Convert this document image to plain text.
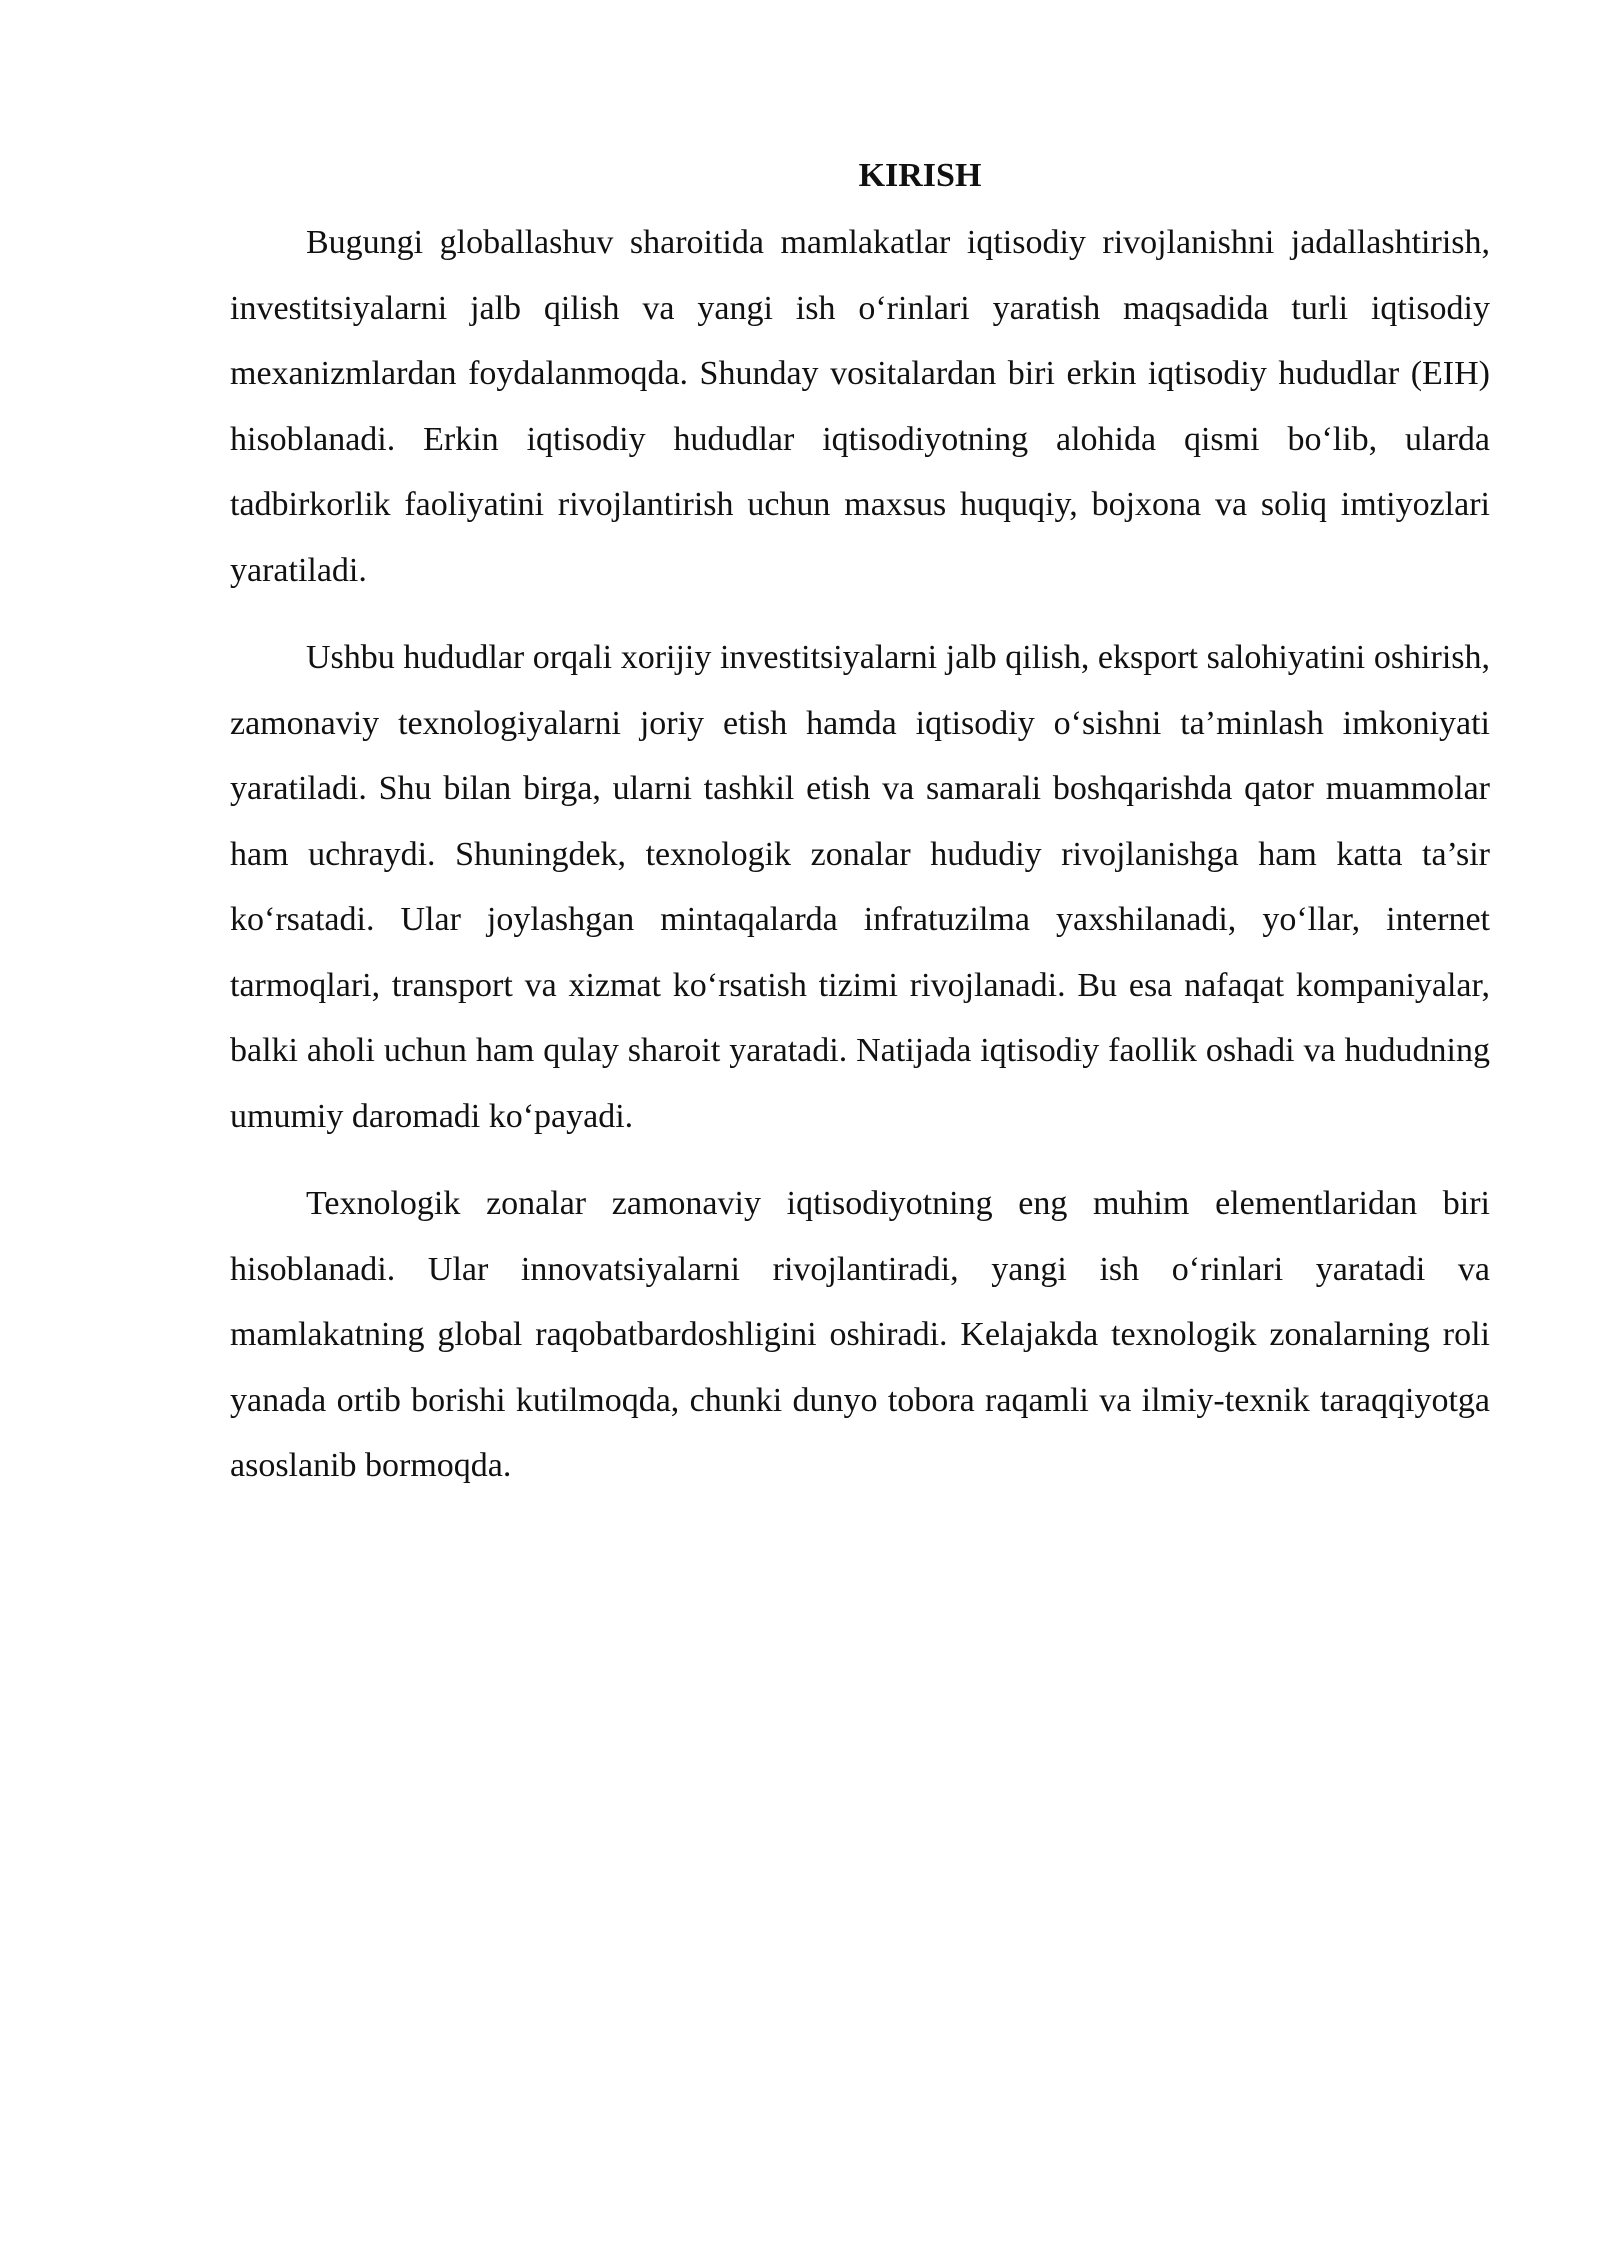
KIRISH

Bugungi globallashuv sharoitida mamlakatlar iqtisodiy rivojlanishni jadallashtirish, investitsiyalarni jalb qilish va yangi ish o‘rinlari yaratish maqsadida turli iqtisodiy mexanizmlardan foydalanmoqda. Shunday vositalardan biri erkin iqtisodiy hududlar (EIH) hisoblanadi. Erkin iqtisodiy hududlar iqtisodiyotning alohida qismi bo‘lib, ularda tadbirkorlik faoliyatini rivojlantirish uchun maxsus huquqiy, bojxona va soliq imtiyozlari yaratiladi.

Ushbu hududlar orqali xorijiy investitsiyalarni jalb qilish, eksport salohiyatini oshirish, zamonaviy texnologiyalarni joriy etish hamda iqtisodiy o‘sishni ta’minlash imkoniyati yaratiladi. Shu bilan birga, ularni tashkil etish va samarali boshqarishda qator muammolar ham uchraydi. Shuningdek, texnologik zonalar hududiy rivojlanishga ham katta ta’sir ko‘rsatadi. Ular joylashgan mintaqalarda infratuzilma yaxshilanadi, yo‘llar, internet tarmoqlari, transport va xizmat ko‘rsatish tizimi rivojlanadi. Bu esa nafaqat kompaniyalar, balki aholi uchun ham qulay sharoit yaratadi. Natijada iqtisodiy faollik oshadi va hududning umumiy daromadi ko‘payadi.

Texnologik zonalar zamonaviy iqtisodiyotning eng muhim elementlaridan biri hisoblanadi. Ular innovatsiyalarni rivojlantiradi, yangi ish o‘rinlari yaratadi va mamlakatning global raqobatbardoshligini oshiradi. Kelajakda texnologik zonalarning roli yanada ortib borishi kutilmoqda, chunki dunyo tobora raqamli va ilmiy-texnik taraqqiyotga asoslanib bormoqda.
